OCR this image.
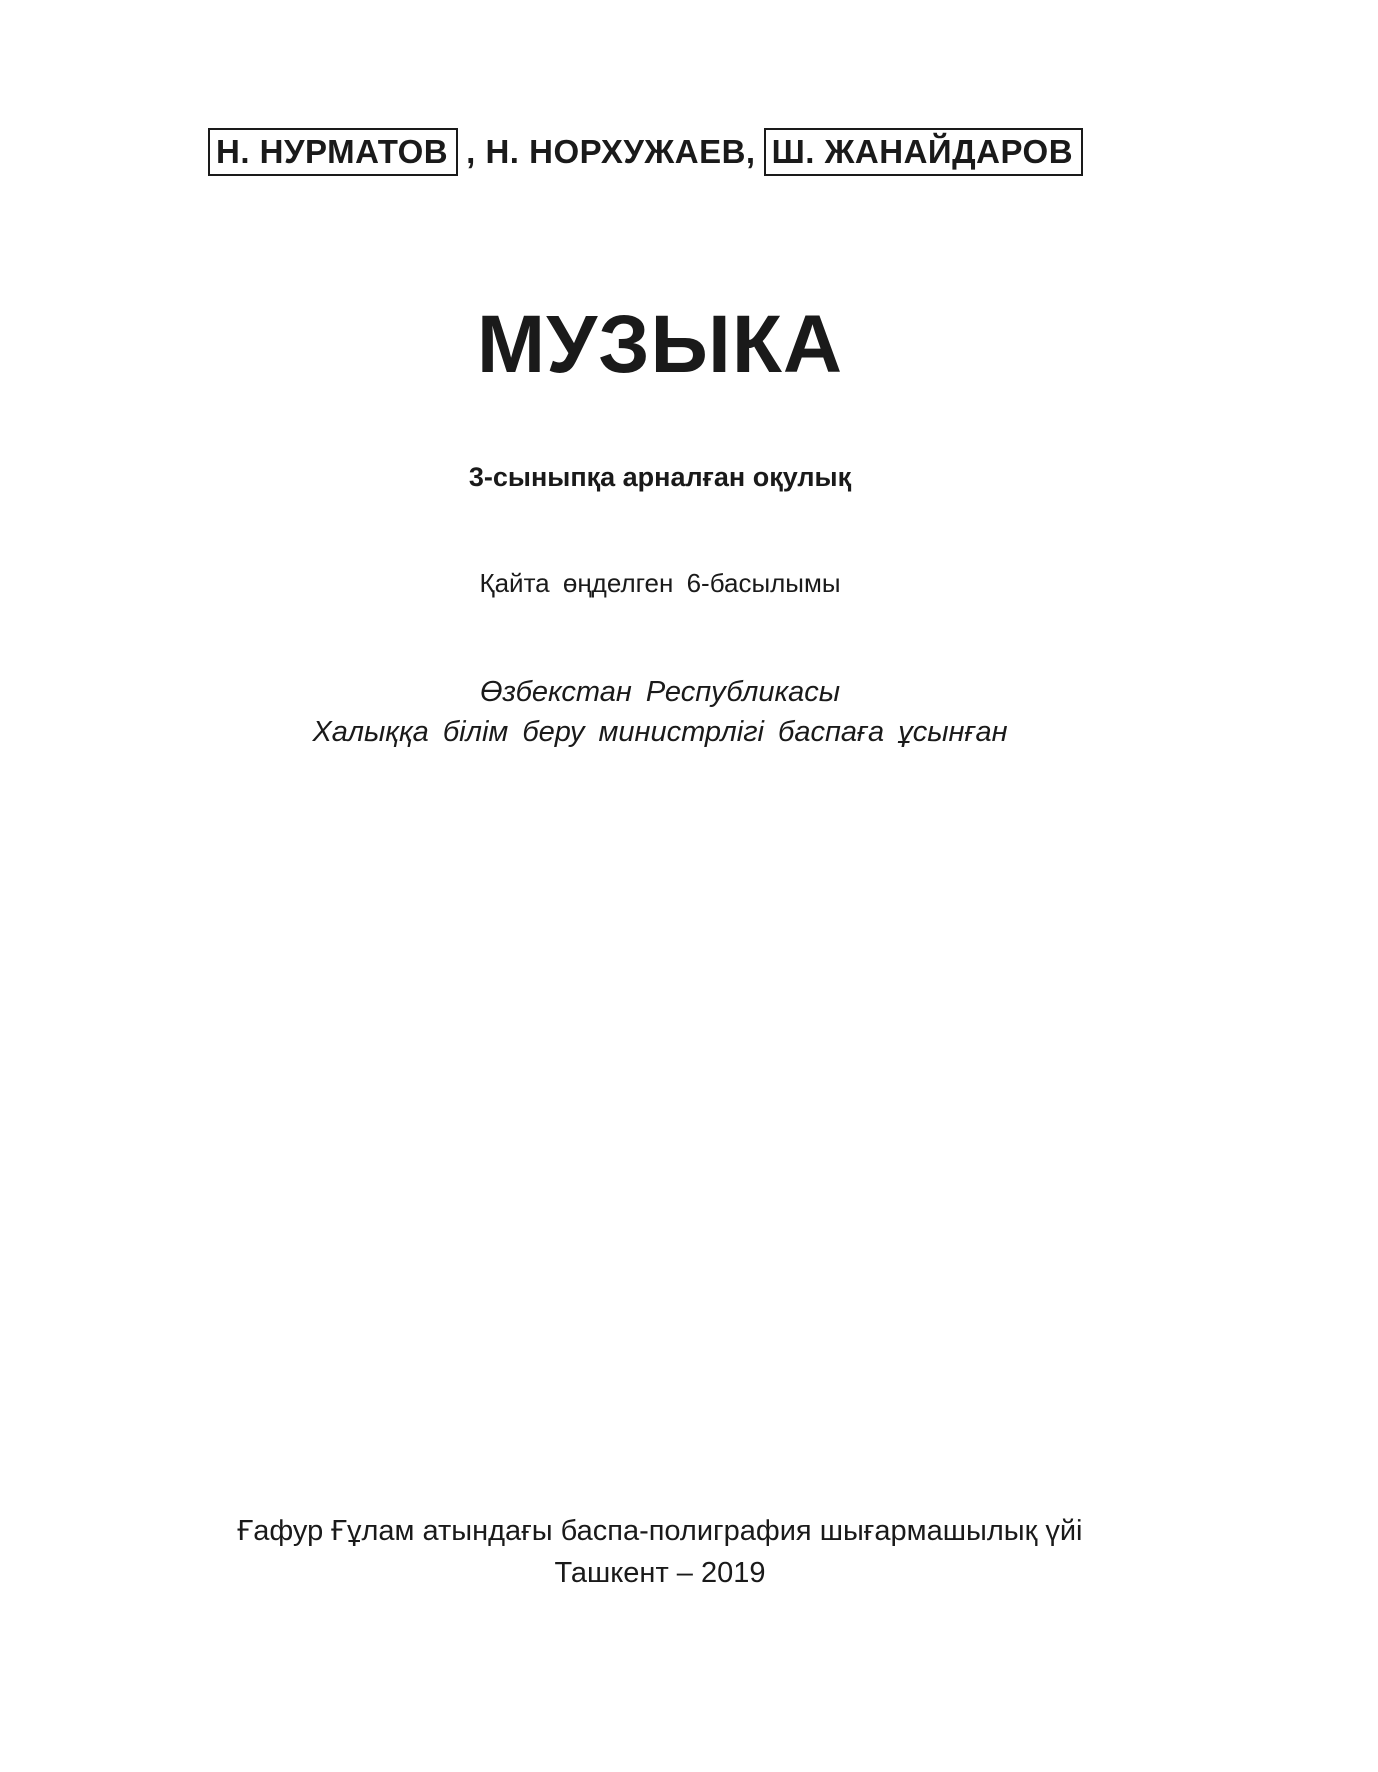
Н. НУРМАТОВ , Н. НОРХУЖАЕВ, Ш. ЖАНАЙДАРОВ
МУЗЫКА
3-сыныпқа арналған оқулық
Қайта өңделген 6-басылымы
Өзбекстан Республикасы
Халыққа білім беру министрлігі баспаға ұсынған
Ғафур Ғұлам атындағы баспа-полиграфия шығармашылық үйі
Ташкент – 2019
